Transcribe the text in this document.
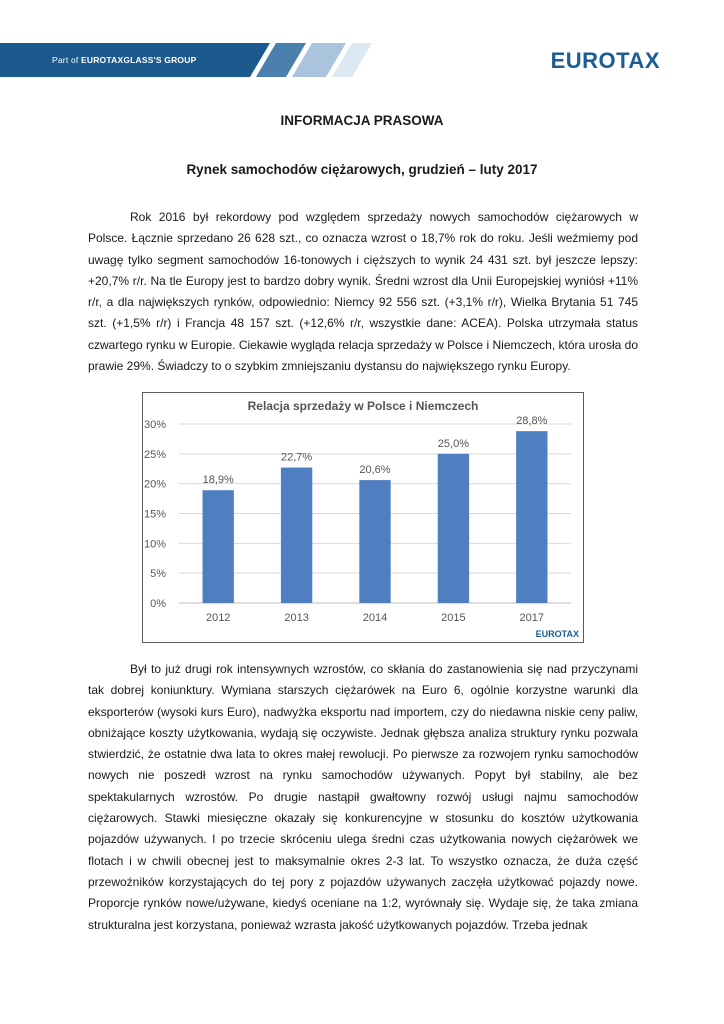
Part of EUROTAXGLASS'S GROUP	EUROTAX
INFORMACJA PRASOWA
Rynek samochodów ciężarowych, grudzień – luty 2017

Rok 2016 był rekordowy pod względem sprzedaży nowych samochodów ciężarowych w Polsce. Łącznie sprzedano 26 628 szt., co oznacza wzrost o 18,7% rok do roku. Jeśli weźmiemy pod uwagę tylko segment samochodów 16-tonowych i cięższych to wynik 24 431 szt. był jeszcze lepszy: +20,7% r/r. Na tle Europy jest to bardzo dobry wynik. Średni wzrost dla Unii Europejskiej wyniósł +11% r/r, a dla największych rynków, odpowiednio: Niemcy 92 556 szt. (+3,1% r/r), Wielka Brytania 51 745 szt. (+1,5% r/r) i Francja 48 157 szt. (+12,6% r/r, wszystkie dane: ACEA). Polska utrzymała status czwartego rynku w Europie. Ciekawie wygląda relacja sprzedaży w Polsce i Niemczech, która urosła do prawie 29%. Świadczy to o szybkim zmniejszaniu dystansu do największego rynku Europy.

Relacja sprzedaży w Polsce i Niemczech
0%
5%
10%
15%
20%
25%
30%
18,9%
22,7%
20,6%
25,0%
28,8%
2012	2013	2014	2015	2017
EUROTAX

Był to już drugi rok intensywnych wzrostów, co skłania do zastanowienia się nad przyczynami tak dobrej koniunktury. Wymiana starszych ciężarówek na Euro 6, ogólnie korzystne warunki dla eksporterów (wysoki kurs Euro), nadwyżka eksportu nad importem, czy do niedawna niskie ceny paliw, obniżające koszty użytkowania, wydają się oczywiste. Jednak głębsza analiza struktury rynku pozwala stwierdzić, że ostatnie dwa lata to okres małej rewolucji. Po pierwsze za rozwojem rynku samochodów nowych nie poszedł wzrost na rynku samochodów używanych. Popyt był stabilny, ale bez spektakularnych wzrostów. Po drugie nastąpił gwałtowny rozwój usługi najmu samochodów ciężarowych. Stawki miesięczne okazały się konkurencyjne w stosunku do kosztów użytkowania pojazdów używanych. I po trzecie skróceniu ulega średni czas użytkowania nowych ciężarówek we flotach i w chwili obecnej jest to maksymalnie okres 2-3 lat. To wszystko oznacza, że duża część przewoźników korzystających do tej pory z pojazdów używanych zaczęła użytkować pojazdy nowe. Proporcje rynków nowe/używane, kiedyś oceniane na 1:2, wyrównały się. Wydaje się, że taka zmiana strukturalna jest korzystana, ponieważ wzrasta jakość użytkowanych pojazdów. Trzeba jednak
